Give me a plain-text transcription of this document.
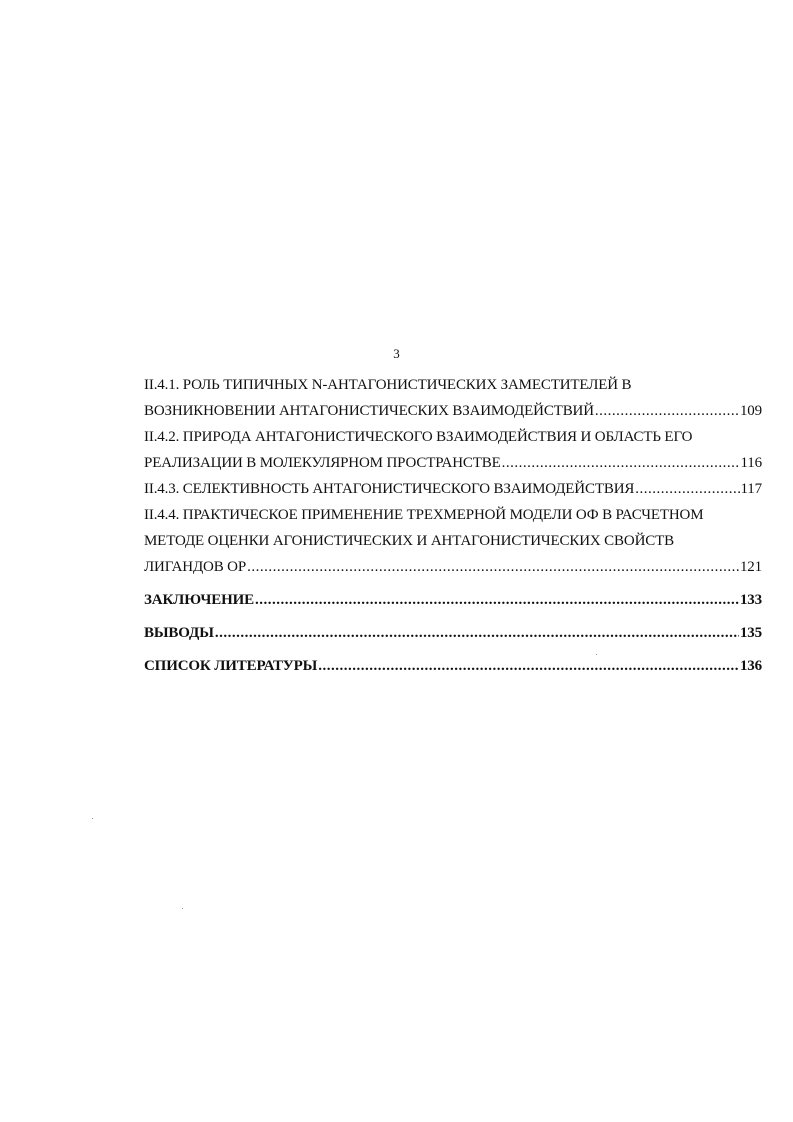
3
II.4.1. РОЛЬ ТИПИЧНЫХ N-АНТАГОНИСТИЧЕСКИХ ЗАМЕСТИТЕЛЕЙ В
ВОЗНИКНОВЕНИИ АНТАГОНИСТИЧЕСКИХ ВЗАИМОДЕЙСТВИЙ .....	109
II.4.2. ПРИРОДА АНТАГОНИСТИЧЕСКОГО ВЗАИМОДЕЙСТВИЯ И ОБЛАСТЬ ЕГО
РЕАЛИЗАЦИИ В МОЛЕКУЛЯРНОМ ПРОСТРАНСТВЕ .....	116
II.4.3. СЕЛЕКТИВНОСТЬ АНТАГОНИСТИЧЕСКОГО ВЗАИМОДЕЙСТВИЯ .....	117
II.4.4. ПРАКТИЧЕСКОЕ ПРИМЕНЕНИЕ ТРЕХМЕРНОЙ МОДЕЛИ ОФ В РАСЧЕТНОМ
МЕТОДЕ ОЦЕНКИ АГОНИСТИЧЕСКИХ И АНТАГОНИСТИЧЕСКИХ СВОЙСТВ
ЛИГАНДОВ ОР .....	121
ЗАКЛЮЧЕНИЕ .....	133
ВЫВОДЫ .....	135
СПИСОК ЛИТЕРАТУРЫ .....	136
